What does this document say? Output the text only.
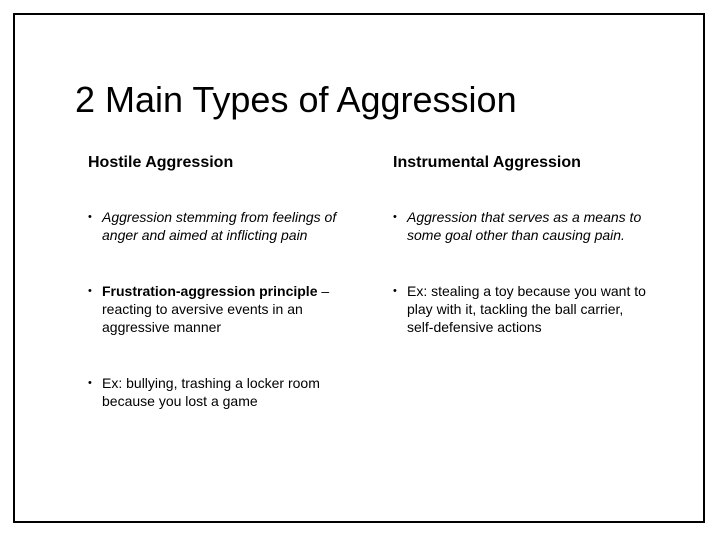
2 Main Types of Aggression
Hostile Aggression
• Aggression stemming from feelings of anger and aimed at inflicting pain
• Frustration-aggression principle – reacting to aversive events in an aggressive manner
• Ex: bullying, trashing a locker room because you lost a game
Instrumental Aggression
• Aggression that serves as a means to some goal other than causing pain.
• Ex: stealing a toy because you want to play with it, tackling the ball carrier, self-defensive actions
